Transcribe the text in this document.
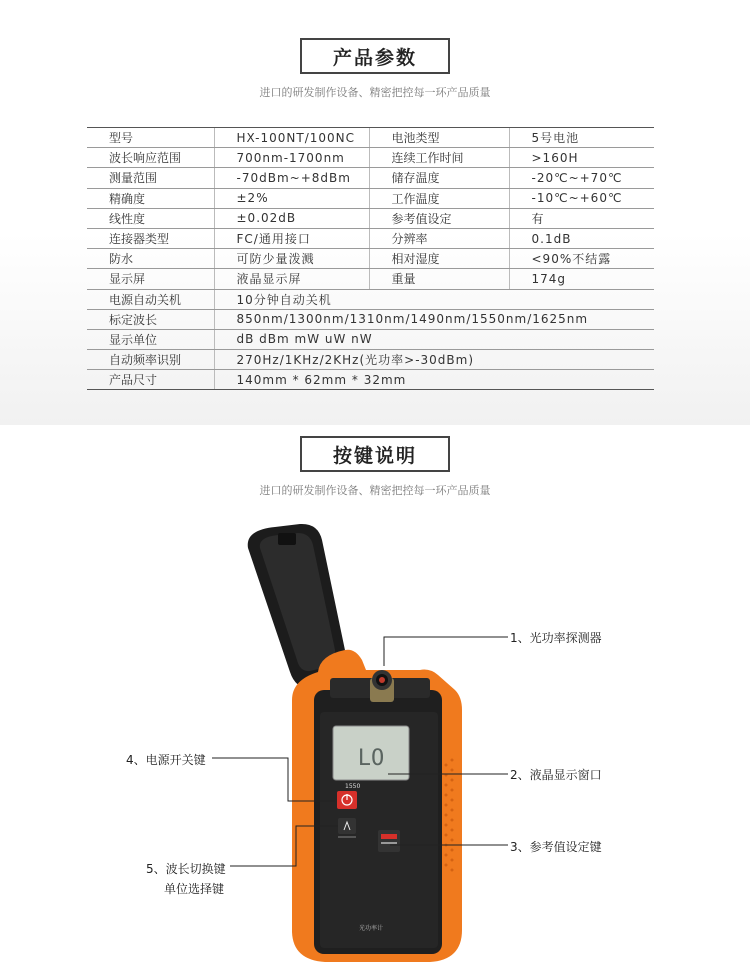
产品参数
进口的研发制作设备、精密把控每一环产品质量
型号	HX-100NT/100NC	电池类型	5号电池
波长响应范围	700nm-1700nm	连续工作时间	>160H
测量范围	-70dBm~+8dBm	储存温度	-20℃~+70℃
精确度	±2%	工作温度	-10℃~+60℃
线性度	±0.02dB	参考值设定	有
连接器类型	FC/通用接口	分辨率	0.1dB
防水	可防少量泼溅	相对湿度	<90%不结露
显示屏	液晶显示屏	重量	174g
电源自动关机	10分钟自动关机		
标定波长	850nm/1300nm/1310nm/1490nm/1550nm/1625nm		
显示单位	dB dBm mW uW nW		
自动频率识别	270Hz/1KHz/2KHz(光功率>-30dBm)		
产品尺寸	140mm * 62mm * 32mm		
按键说明
进口的研发制作设备、精密把控每一环产品质量
LO
1550
光功率计
1、光功率探测器
2、液晶显示窗口
3、参考值设定键
4、电源开关键
5、波长切换键
单位选择键
